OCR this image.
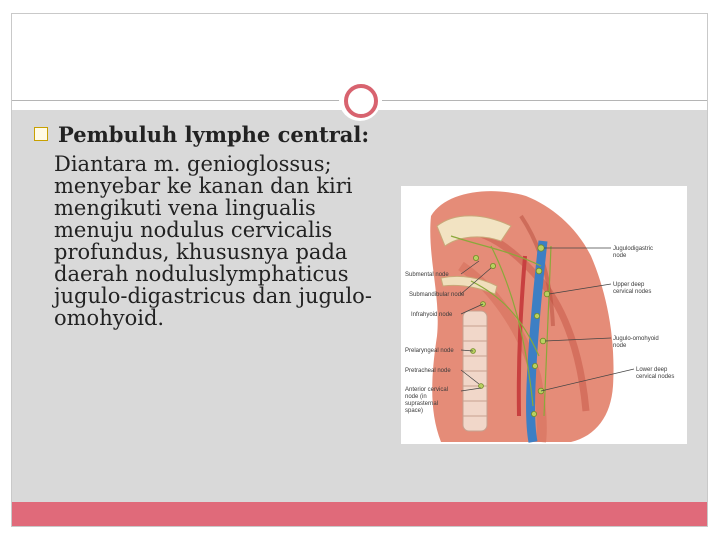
Pembuluh lymphe central:
Diantara m. genioglossus; menyebar ke kanan dan kiri mengikuti vena lingualis menuju nodulus cervicalis profundus, khususnya pada daerah noduluslymphaticus jugulo-digastricus dan jugulo-omohyoid.
Submental node
Submandibular node
Infrahyoid node
Prelaryngeal node
Pretracheal node
Anterior cervical node (in suprasternal space)
Jugulodigastric node
Upper deep cervical nodes
Jugulo-omohyoid node
Lower deep cervical nodes
